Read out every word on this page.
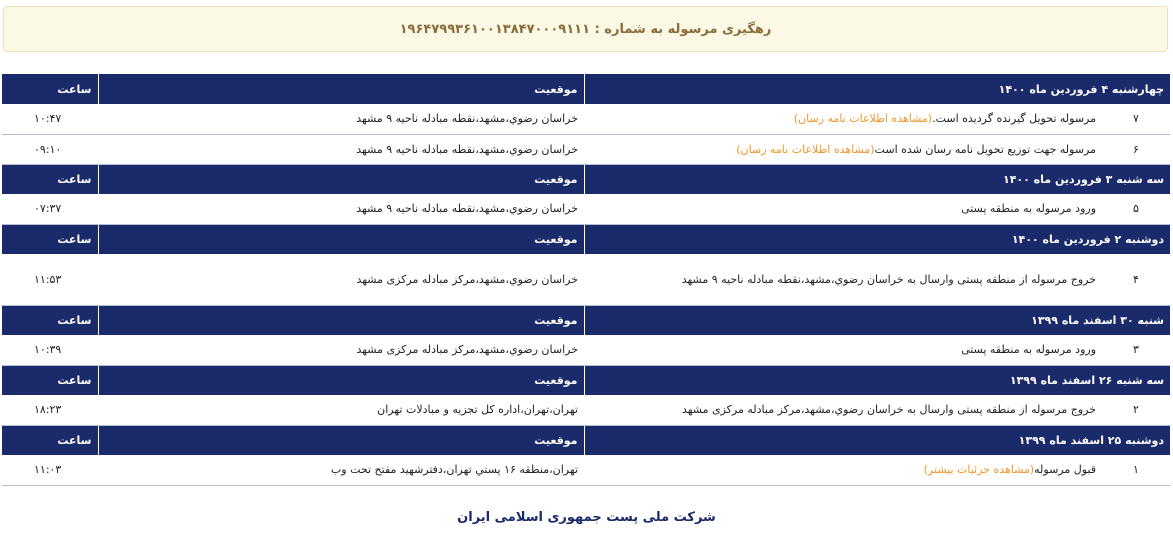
رهگیری مرسوله به شماره : ۱۹۶۴۷۹۹۳۶۱۰۰۱۳۸۴۷۰۰۰۹۱۱۱
چهارشنبه ۴ فروردین ماه ۱۴۰۰		موقعیت	ساعت
۷	مرسوله تحویل گیرنده گردیده است.(مشاهده اطلاعات نامه رسان)	خراسان رضوي،مشهد،نقطه مبادله ناحيه ۹ مشهد	۱۰:۴۷
۶	مرسوله جهت توزیع تحویل نامه رسان شده است(مشاهده اطلاعات نامه رسان)	خراسان رضوي،مشهد،نقطه مبادله ناحيه ۹ مشهد	۰۹:۱۰
سه شنبه ۳ فروردین ماه ۱۴۰۰		موقعیت	ساعت
۵	ورود مرسوله به منطقه پستی	خراسان رضوي،مشهد،نقطه مبادله ناحيه ۹ مشهد	۰۷:۳۷
دوشنبه ۲ فروردین ماه ۱۴۰۰		موقعیت	ساعت
۴	خروج مرسوله از منطقه پستی وارسال به خراسان رضوي،مشهد،نقطه مبادله ناحيه ۹ مشهد	خراسان رضوي،مشهد،مرکز مبادله مرکزی مشهد	۱۱:۵۳
شنبه ۳۰ اسفند ماه ۱۳۹۹		موقعیت	ساعت
۳	ورود مرسوله به منطقه پستی	خراسان رضوي،مشهد،مرکز مبادله مرکزی مشهد	۱۰:۳۹
سه شنبه ۲۶ اسفند ماه ۱۳۹۹		موقعیت	ساعت
۲	خروج مرسوله از منطقه پستی وارسال به خراسان رضوي،مشهد،مرکز مبادله مرکزی مشهد	تهران،تهران،اداره کل تجزيه و مبادلات تهران	۱۸:۲۳
دوشنبه ۲۵ اسفند ماه ۱۳۹۹		موقعیت	ساعت
۱	قبول مرسوله(مشاهده جزئیات بیشتر)	تهران،منطقه ۱۶ پستي تهران،دفترشهيد مفتح تحت وب	۱۱:۰۳
شرکت ملی پست جمهوری اسلامی ایران
